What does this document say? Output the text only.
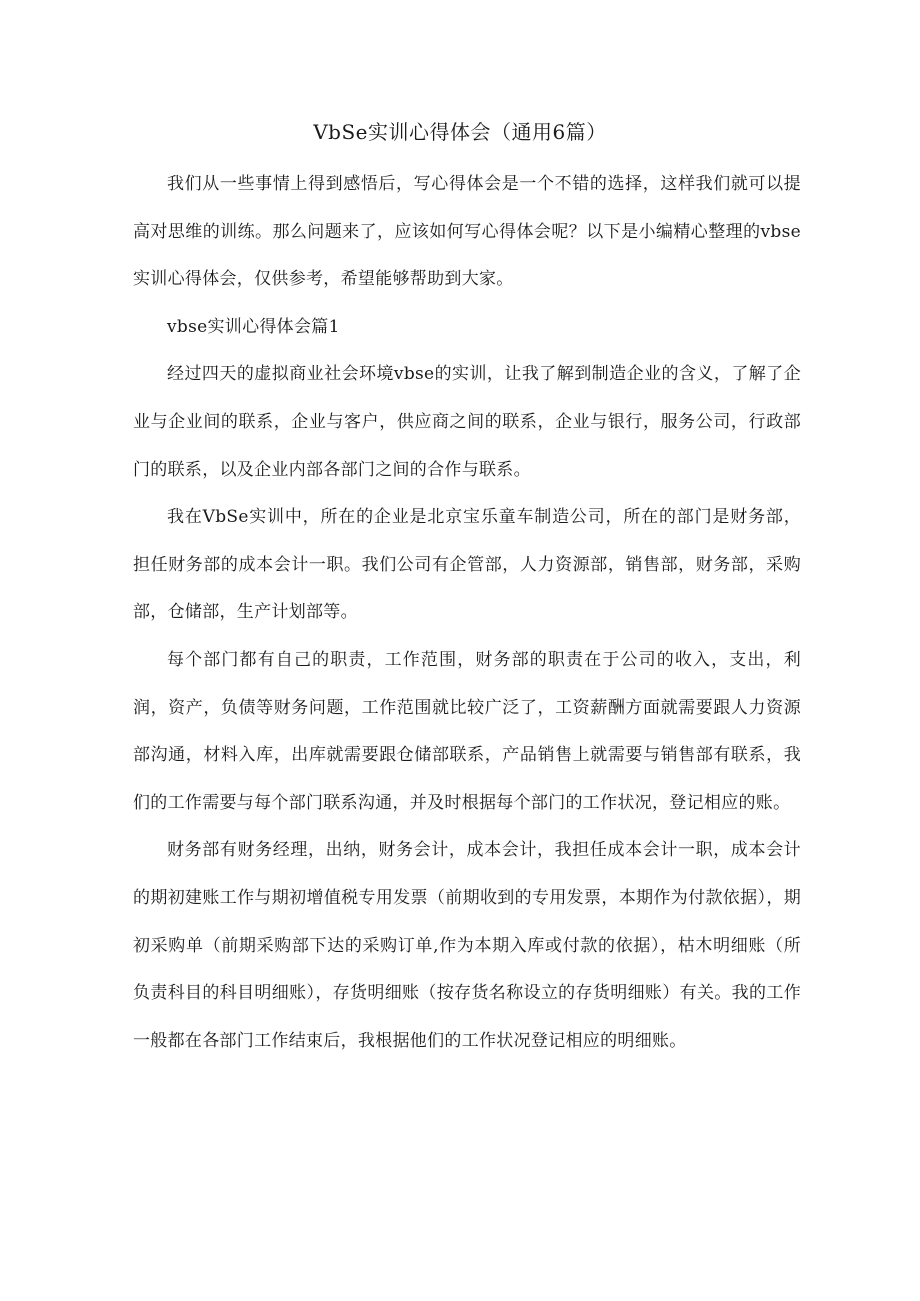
VbSe实训心得体会（通用6篇）

我们从一些事情上得到感悟后，写心得体会是一个不错的选择，这样我们就可以提高对思维的训练。那么问题来了，应该如何写心得体会呢？以下是小编精心整理的vbse实训心得体会，仅供参考，希望能够帮助到大家。

vbse实训心得体会篇1

经过四天的虚拟商业社会环境vbse的实训，让我了解到制造企业的含义，了解了企业与企业间的联系，企业与客户，供应商之间的联系，企业与银行，服务公司，行政部门的联系，以及企业内部各部门之间的合作与联系。

我在VbSe实训中，所在的企业是北京宝乐童车制造公司，所在的部门是财务部，担任财务部的成本会计一职。我们公司有企管部，人力资源部，销售部，财务部，采购部，仓储部，生产计划部等。

每个部门都有自己的职责，工作范围，财务部的职责在于公司的收入，支出，利润，资产，负债等财务问题，工作范围就比较广泛了，工资薪酬方面就需要跟人力资源部沟通，材料入库，出库就需要跟仓储部联系，产品销售上就需要与销售部有联系，我们的工作需要与每个部门联系沟通，并及时根据每个部门的工作状况，登记相应的账。

财务部有财务经理，出纳，财务会计，成本会计，我担任成本会计一职，成本会计的期初建账工作与期初增值税专用发票（前期收到的专用发票，本期作为付款依据），期初采购单（前期采购部下达的采购订单,作为本期入库或付款的依据），枯木明细账（所负责科目的科目明细账），存货明细账（按存货名称设立的存货明细账）有关。我的工作一般都在各部门工作结束后，我根据他们的工作状况登记相应的明细账。
